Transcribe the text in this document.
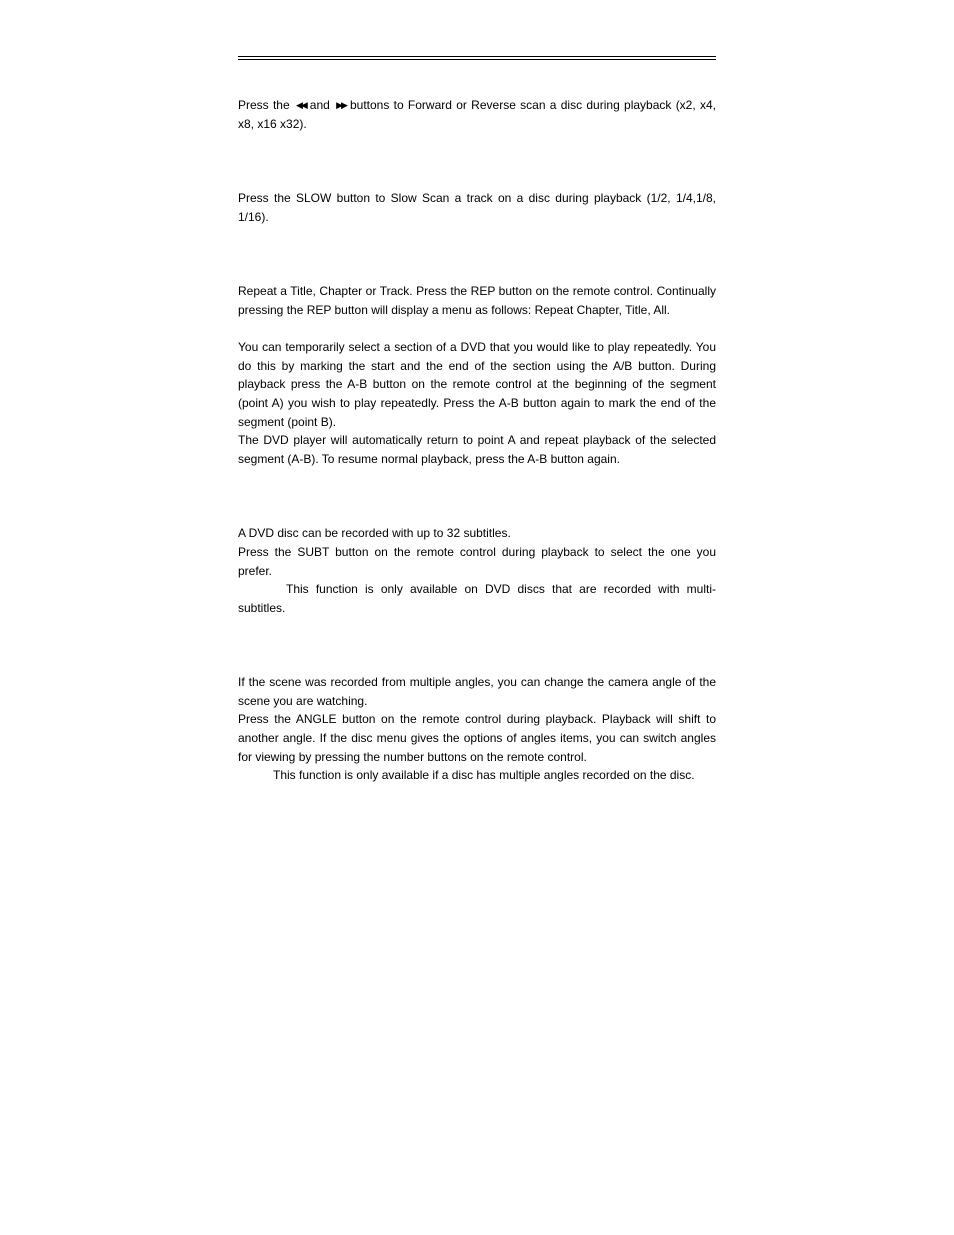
Press the ◀◀ and ▶▶ buttons to Forward or Reverse scan a disc during playback (x2, x4, x8, x16 x32).

Press the SLOW button to Slow Scan a track on a disc during playback (1/2, 1/4,1/8, 1/16).

Repeat a Title, Chapter or Track. Press the REP button on the remote control. Continually pressing the REP button will display a menu as follows: Repeat Chapter, Title, All.

You can temporarily select a section of a DVD that you would like to play repeatedly. You do this by marking the start and the end of the section using the A/B button. During playback press the A-B button on the remote control at the beginning of the segment (point A) you wish to play repeatedly. Press the A-B button again to mark the end of the segment (point B).

The DVD player will automatically return to point A and repeat playback of the selected segment (A-B). To resume normal playback, press the A-B button again.

A DVD disc can be recorded with up to 32 subtitles.

Press the SUBT button on the remote control during playback to select the one you prefer.

This function is only available on DVD discs that are recorded with multi-subtitles.

If the scene was recorded from multiple angles, you can change the camera angle of the scene you are watching.

Press the ANGLE button on the remote control during playback. Playback will shift to another angle. If the disc menu gives the options of angles items, you can switch angles for viewing by pressing the number buttons on the remote control.

This function is only available if a disc has multiple angles recorded on the disc.
